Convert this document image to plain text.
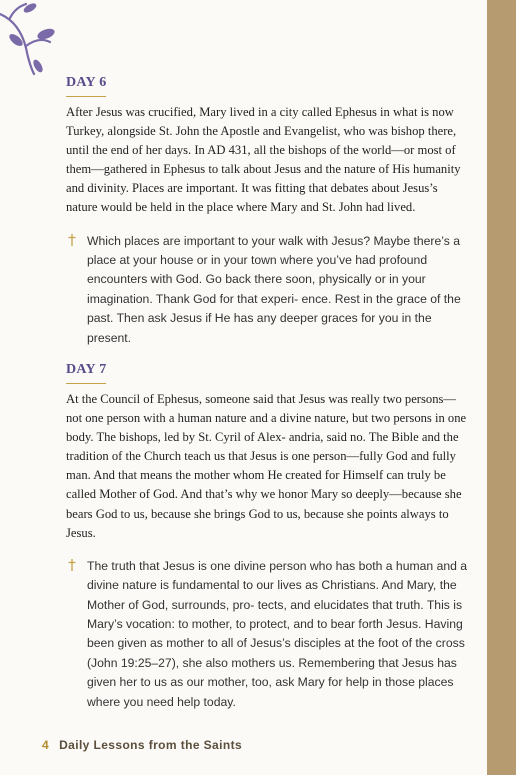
DAY 6

After Jesus was crucified, Mary lived in a city called Ephesus in what is now Turkey, alongside St. John the Apostle and Evangelist, who was bishop there, until the end of her days. In AD 431, all the bishops of the world—or most of them—gathered in Ephesus to talk about Jesus and the nature of His humanity and divinity. Places are important. It was fitting that debates about Jesus’s nature would be held in the place where Mary and St. John had lived.

Which places are important to your walk with Jesus? Maybe there’s a place at your house or in your town where you’ve had profound encounters with God. Go back there soon, physically or in your imagination. Thank God for that experi- ence. Rest in the grace of the past. Then ask Jesus if He has any deeper graces for you in the present.

DAY 7

At the Council of Ephesus, someone said that Jesus was really two persons—not one person with a human nature and a divine nature, but two persons in one body. The bishops, led by St. Cyril of Alex- andria, said no. The Bible and the tradition of the Church teach us that Jesus is one person—fully God and fully man. And that means the mother whom He created for Himself can truly be called Mother of God. And that’s why we honor Mary so deeply—because she bears God to us, because she brings God to us, because she points always to Jesus.

The truth that Jesus is one divine person who has both a human and a divine nature is fundamental to our lives as Christians. And Mary, the Mother of God, surrounds, pro- tects, and elucidates that truth. This is Mary’s vocation: to mother, to protect, and to bear forth Jesus. Having been given as mother to all of Jesus’s disciples at the foot of the cross (John 19:25–27), she also mothers us. Remembering that Jesus has given her to us as our mother, too, ask Mary for help in those places where you need help today.

4 Daily Lessons from the Saints
